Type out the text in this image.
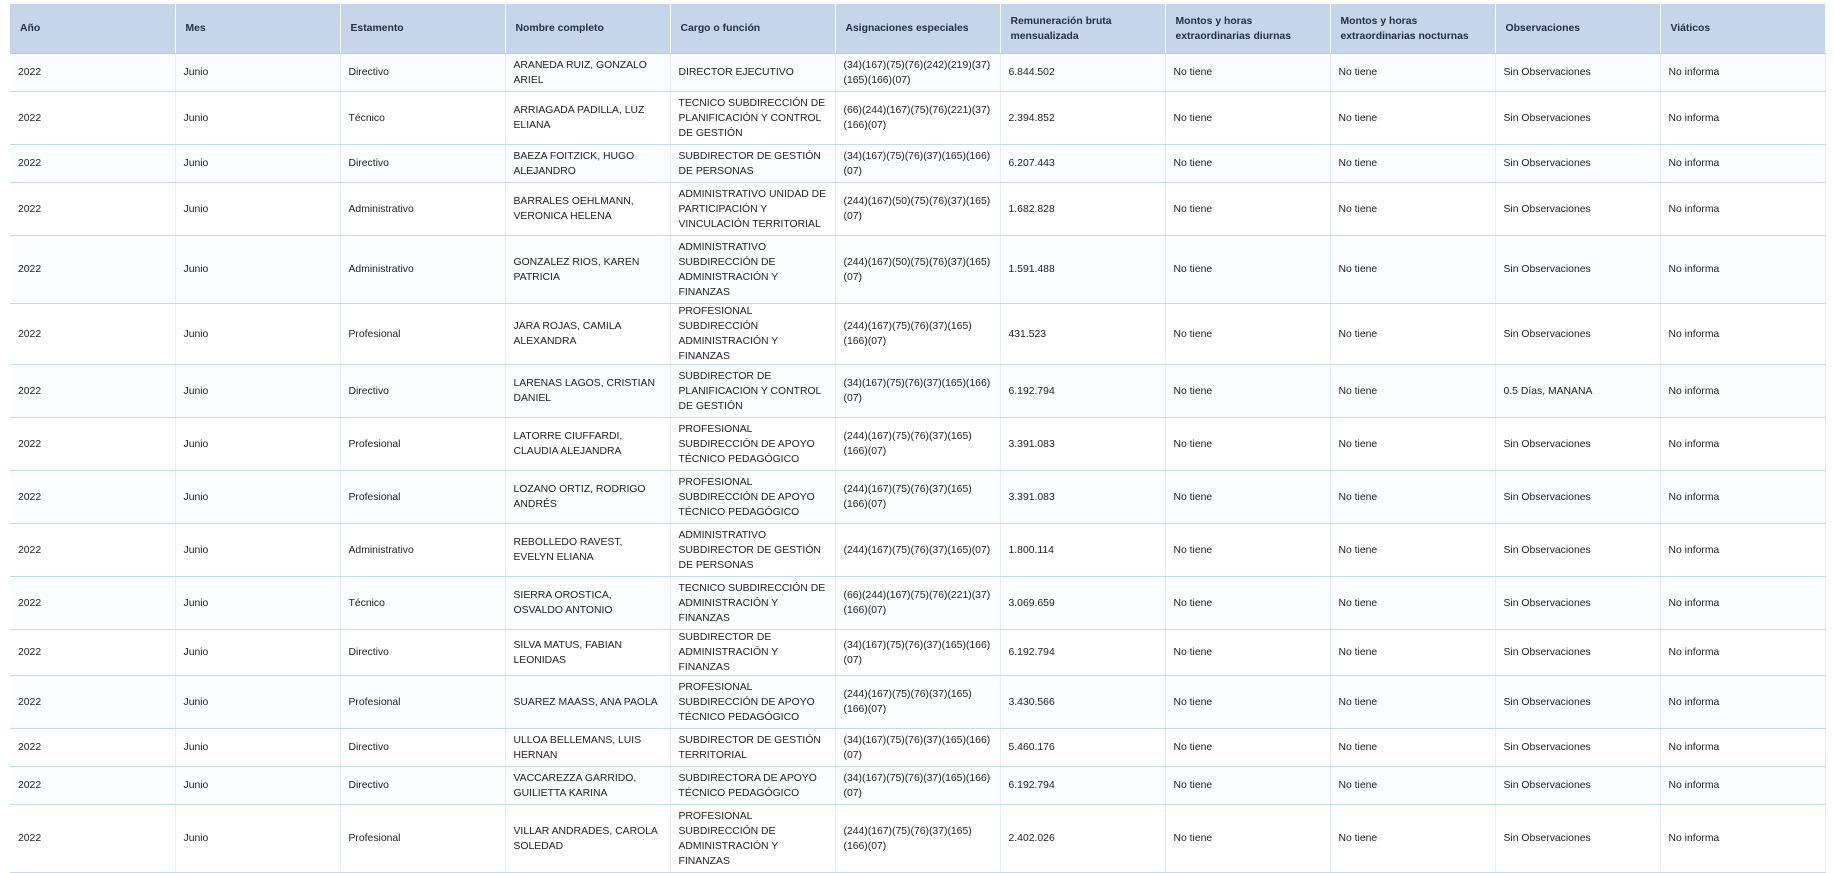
Año	Mes	Estamento	Nombre completo	Cargo o función	Asignaciones especiales	Remuneración bruta mensualizada	Montos y horas extraordinarias diurnas	Montos y horas extraordinarias nocturnas	Observaciones	Viáticos
2022	Junio	Directivo	ARANEDA RUIZ, GONZALO ARIEL	DIRECTOR EJECUTIVO	(34)(167)(75)(76)(242)(219)(37)(165)(166)(07)	6.844.502	No tiene	No tiene	Sin Observaciones	No informa
2022	Junio	Técnico	ARRIAGADA PADILLA, LUZ ELIANA	TECNICO SUBDIRECCIÓN DE PLANIFICACIÓN Y CONTROL DE GESTIÓN	(66)(244)(167)(75)(76)(221)(37)(166)(07)	2.394.852	No tiene	No tiene	Sin Observaciones	No informa
2022	Junio	Directivo	BAEZA FOITZICK, HUGO ALEJANDRO	SUBDIRECTOR DE GESTIÓN DE PERSONAS	(34)(167)(75)(76)(37)(165)(166)(07)	6.207.443	No tiene	No tiene	Sin Observaciones	No informa
2022	Junio	Administrativo	BARRALES OEHLMANN, VERONICA HELENA	ADMINISTRATIVO UNIDAD DE PARTICIPACIÓN Y VINCULACIÓN TERRITORIAL	(244)(167)(50)(75)(76)(37)(165)(07)	1.682.828	No tiene	No tiene	Sin Observaciones	No informa
2022	Junio	Administrativo	GONZALEZ RIOS, KAREN PATRICIA	ADMINISTRATIVO SUBDIRECCIÓN DE ADMINISTRACIÓN Y FINANZAS	(244)(167)(50)(75)(76)(37)(165)(07)	1.591.488	No tiene	No tiene	Sin Observaciones	No informa
2022	Junio	Profesional	JARA ROJAS, CAMILA ALEXANDRA	PROFESIONAL SUBDIRECCIÓN ADMINISTRACIÓN Y FINANZAS	(244)(167)(75)(76)(37)(165)(166)(07)	431.523	No tiene	No tiene	Sin Observaciones	No informa
2022	Junio	Directivo	LARENAS LAGOS, CRISTIAN DANIEL	SUBDIRECTOR DE PLANIFICACION Y CONTROL DE GESTIÓN	(34)(167)(75)(76)(37)(165)(166)(07)	6.192.794	No tiene	No tiene	0.5 Días, MANANA	No informa
2022	Junio	Profesional	LATORRE CIUFFARDI, CLAUDIA ALEJANDRA	PROFESIONAL SUBDIRECCIÓN DE APOYO TÉCNICO PEDAGÓGICO	(244)(167)(75)(76)(37)(165)(166)(07)	3.391.083	No tiene	No tiene	Sin Observaciones	No informa
2022	Junio	Profesional	LOZANO ORTIZ, RODRIGO ANDRÉS	PROFESIONAL SUBDIRECCIÓN DE APOYO TÉCNICO PEDAGÓGICO	(244)(167)(75)(76)(37)(165)(166)(07)	3.391.083	No tiene	No tiene	Sin Observaciones	No informa
2022	Junio	Administrativo	REBOLLEDO RAVEST, EVELYN ELIANA	ADMINISTRATIVO SUBDIRECTOR DE GESTIÓN DE PERSONAS	(244)(167)(75)(76)(37)(165)(07)	1.800.114	No tiene	No tiene	Sin Observaciones	No informa
2022	Junio	Técnico	SIERRA OROSTICA, OSVALDO ANTONIO	TECNICO SUBDIRECCIÓN DE ADMINISTRACIÓN Y FINANZAS	(66)(244)(167)(75)(76)(221)(37)(166)(07)	3.069.659	No tiene	No tiene	Sin Observaciones	No informa
2022	Junio	Directivo	SILVA MATUS, FABIAN LEONIDAS	SUBDIRECTOR DE ADMINISTRACIÓN Y FINANZAS	(34)(167)(75)(76)(37)(165)(166)(07)	6.192.794	No tiene	No tiene	Sin Observaciones	No informa
2022	Junio	Profesional	SUAREZ MAASS, ANA PAOLA	PROFESIONAL SUBDIRECCIÓN DE APOYO TÉCNICO PEDAGÓGICO	(244)(167)(75)(76)(37)(165)(166)(07)	3.430.566	No tiene	No tiene	Sin Observaciones	No informa
2022	Junio	Directivo	ULLOA BELLEMANS, LUIS HERNAN	SUBDIRECTOR DE GESTIÓN TERRITORIAL	(34)(167)(75)(76)(37)(165)(166)(07)	5.460.176	No tiene	No tiene	Sin Observaciones	No informa
2022	Junio	Directivo	VACCAREZZA GARRIDO, GUILIETTA KARINA	SUBDIRECTORA DE APOYO TÉCNICO PEDAGÓGICO	(34)(167)(75)(76)(37)(165)(166)(07)	6.192.794	No tiene	No tiene	Sin Observaciones	No informa
2022	Junio	Profesional	VILLAR ANDRADES, CAROLA SOLEDAD	PROFESIONAL SUBDIRECCIÓN DE ADMINISTRACIÓN Y FINANZAS	(244)(167)(75)(76)(37)(165)(166)(07)	2.402.026	No tiene	No tiene	Sin Observaciones	No informa
